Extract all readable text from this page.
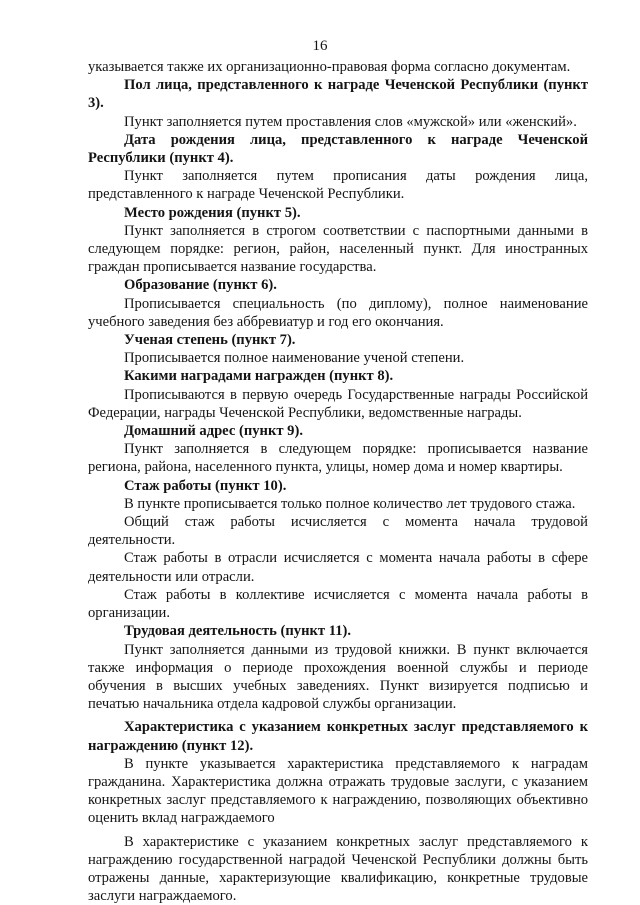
16

указывается также их организационно-правовая форма согласно документам.

Пол лица, представленного к награде Чеченской Республики (пункт 3).

Пункт заполняется путем проставления слов «мужской» или «женский».

Дата рождения лица, представленного к награде Чеченской Республики (пункт 4).

Пункт заполняется путем прописания даты рождения лица, представленного к награде Чеченской Республики.

Место рождения (пункт 5).

Пункт заполняется в строгом соответствии с паспортными данными в следующем порядке: регион, район, населенный пункт. Для иностранных граждан прописывается название государства.

Образование (пункт 6).

Прописывается специальность (по диплому), полное наименование учебного заведения без аббревиатур и год его окончания.

Ученая степень (пункт 7).

Прописывается полное наименование ученой степени.

Какими наградами награжден (пункт 8).

Прописываются в первую очередь Государственные награды Российской Федерации, награды Чеченской Республики, ведомственные награды.

Домашний адрес (пункт 9).

Пункт заполняется в следующем порядке: прописывается название региона, района, населенного пункта, улицы, номер дома и номер квартиры.

Стаж работы (пункт 10).

В пункте прописывается только полное количество лет трудового стажа.

Общий стаж работы исчисляется с момента начала трудовой деятельности.

Стаж работы в отрасли исчисляется с момента начала работы в сфере деятельности или отрасли.

Стаж работы в коллективе исчисляется с момента начала работы в организации.

Трудовая деятельность (пункт 11).

Пункт заполняется данными из трудовой книжки. В пункт включается также информация о периоде прохождения военной службы и периоде обучения в высших учебных заведениях. Пункт визируется подписью и печатью начальника отдела кадровой службы организации.

Характеристика с указанием конкретных заслуг представляемого к награждению (пункт 12).

В пункте указывается характеристика представляемого к наградам гражданина. Характеристика должна отражать трудовые заслуги, с указанием конкретных заслуг представляемого к награждению, позволяющих объективно оценить вклад награждаемого

В характеристике с указанием конкретных заслуг представляемого к награждению государственной наградой Чеченской Республики должны быть отражены данные, характеризующие квалификацию, конкретные трудовые заслуги награждаемого.
